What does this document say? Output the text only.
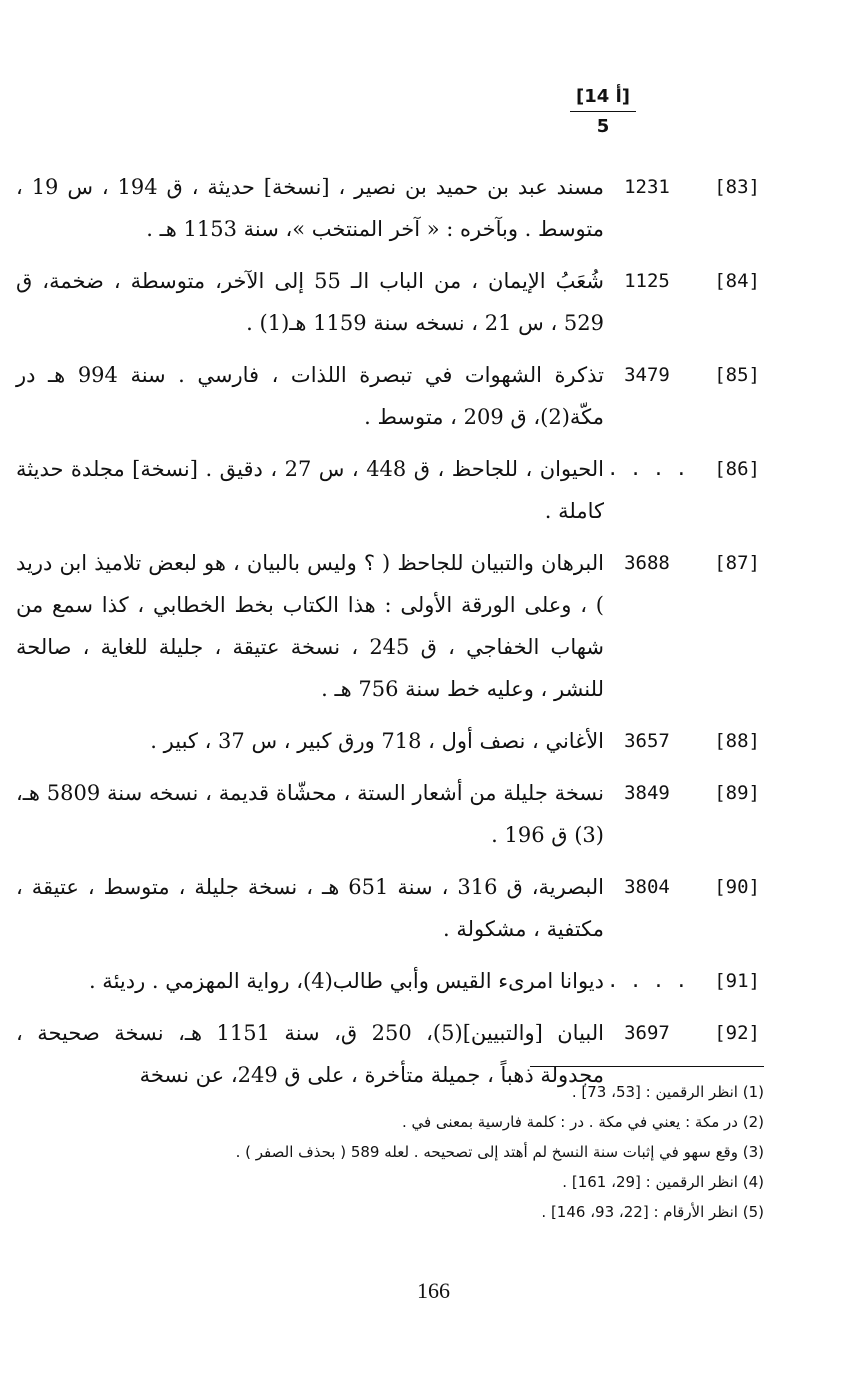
[14 أ]
5
[83]
1231
مسند عبد بن حميد بن نصير ، [نسخة] حديثة ، ق 194 ، س 19 ، متوسط . وبآخره : « آخر المنتخب »، سنة 1153 هـ .
[84]
1125
شُعَبُ الإيمان ، من الباب الـ 55 إلى الآخر، متوسطة ، ضخمة، ق 529 ، س 21 ، نسخه سنة 1159 هـ(1) .
[85]
3479
تذكرة الشهوات في تبصرة اللذات ، فارسي . سنة 994 هـ در مكّة(2)، ق 209 ، متوسط .
[86]
. . . .
الحيوان ، للجاحظ ، ق 448 ، س 27 ، دقيق . [نسخة] مجلدة حديثة كاملة .
[87]
3688
البرهان والتبيان للجاحظ ( ؟ وليس بالبيان ، هو لبعض تلاميذ ابن دريد ) ، وعلى الورقة الأولى : هذا الكتاب بخط الخطابي ، كذا سمع من شهاب الخفاجي ، ق 245 ، نسخة عتيقة ، جليلة للغاية ، صالحة للنشر ، وعليه خط سنة 756 هـ .
[88]
3657
الأغاني ، نصف أول ، 718 ورق كبير ، س 37 ، كبير .
[89]
3849
نسخة جليلة من أشعار الستة ، محشّاة قديمة ، نسخه سنة 5809 هـ،(3) ق 196 .
[90]
3804
البصرية، ق 316 ، سنة 651 هـ ، نسخة جليلة ، متوسط ، عتيقة ، مكتفية ، مشكولة .
[91]
. . . .
ديوانا امرىء القيس وأبي طالب(4)، رواية المهزمي . رديئة .
[92]
3697
البيان [والتبيين](5)، 250 ق، سنة 1151 هـ، نسخة صحيحة ، مجدولة ذهباً ، جميلة متأخرة ، على ق 249، عن نسخة
(1) انظر الرقمين : [53، 73] .
(2) در مكة : يعني في مكة . در : كلمة فارسية بمعنى في .
(3) وقع سهو في إثبات سنة النسخ لم أهتد إلى تصحيحه . لعله 589 ( بحذف الصفر ) .
(4) انظر الرقمين : [29، 161] .
(5) انظر الأرقام : [22، 93، 146] .
166
